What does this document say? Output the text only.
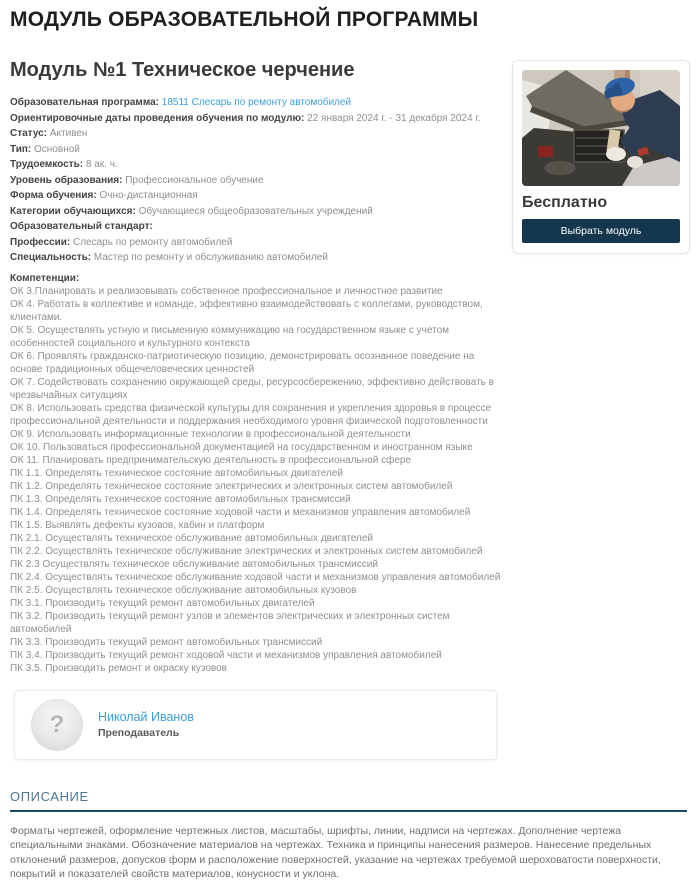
МОДУЛЬ ОБРАЗОВАТЕЛЬНОЙ ПРОГРАММЫ
Бесплатно
Выбрать модуль
Модуль №1 Техническое черчение
Образовательная программа: 18511 Слесарь по ремонту автомобилей
Ориентировочные даты проведения обучения по модулю: 22 января 2024 г. - 31 декабря 2024 г.
Статус: Активен
Тип: Основной
Трудоемкость: 8 ак. ч.
Уровень образования: Профессиональное обучение
Форма обучения: Очно-дистанционная
Категории обучающихся: Обучающиеся общеобразовательных учреждений
Образовательный стандарт:
Профессии: Слесарь по ремонту автомобилей
Специальность: Мастер по ремонту и обслуживанию автомобилей
Компетенции:
ОК 3.Планировать и реализовывать собственное профессиональное и личностное развитие
ОК 4. Работать в коллективе и команде, эффективно взаимодействовать с коллегами, руководством, клиентами.
ОК 5. Осуществлять устную и письменную коммуникацию на государственном языке с учетом особенностей социального и культурного контекста
ОК 6. Проявлять гражданско-патриотическую позицию, демонстрировать осознанное поведение на основе традиционных общечеловеческих ценностей
ОК 7. Содействовать сохранению окружающей среды, ресурсосбережению, эффективно действовать в чрезвычайных ситуациях
ОК 8. Использовать средства физической культуры для сохранения и укрепления здоровья в процессе профессиональной деятельности и поддержания необходимого уровня физической подготовленности
ОК 9. Использовать информационные технологии в профессиональной деятельности
ОК 10. Пользоваться профессиональной документацией на государственном и иностранном языке
ОК 11. Планировать предпринимательскую деятельность в профессиональной сфере
ПК 1.1. Определять техническое состояние автомобильных двигателей
ПК 1.2. Определять техническое состояние электрических и электронных систем автомобилей
ПК 1.3. Определять техническое состояние автомобильных трансмиссий
ПК 1.4. Определять техническое состояние ходовой части и механизмов управления автомобилей
ПК 1.5. Выявлять дефекты кузовов, кабин и платформ
ПК 2.1. Осуществлять техническое обслуживание автомобильных двигателей
ПК 2.2. Осуществлять техническое обслуживание электрических и электронных систем автомобилей
ПК 2.3 Осуществлять техническое обслуживание автомобильных трансмиссий
ПК 2.4. Осуществлять техническое обслуживание ходовой части и механизмов управления автомобилей
ПК 2.5. Осуществлять техническое обслуживание автомобильных кузовов
ПК 3.1. Производить текущий ремонт автомобильных двигателей
ПК 3.2. Производить текущий ремонт узлов и элементов электрических и электронных систем автомобилей
ПК 3.3. Производить текущий ремонт автомобильных трансмиссий
ПК 3.4. Производить текущий ремонт ходовой части и механизмов управления автомобилей
ПК 3.5. Производить ремонт и окраску кузовов
?	Николай Иванов
Преподаватель
ОПИСАНИЕ

Форматы чертежей, оформление чертежных листов, масштабы, шрифты, линии, надписи на чертежах. Дополнение чертежа специальными знаками. Обозначение материалов на чертежах. Техника и принципы нанесения размеров. Нанесение предельных отклонений размеров, допусков форм и расположение поверхностей, указание на чертежах требуемой шероховатости поверхности, покрытий и показателей свойств материалов, конусности и уклона.
